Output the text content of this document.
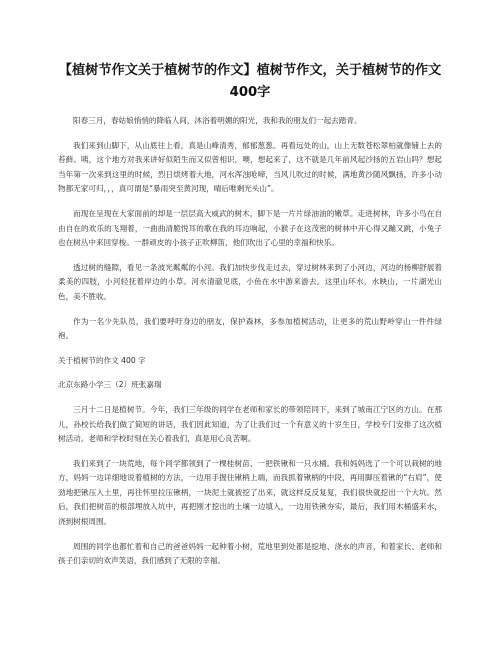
【植树节作文关于植树节的作文】植树节作文，关于植树节的作文400字

阳春三月，春姑娘悄悄的降临人间，沐浴着明媚的阳光，我和我的朋友们一起去踏青。

我们来到山脚下，从山底往上看，真是山峰清秀，郁郁葱葱。再看远处的山，山上无数苍松翠柏就像铺上去的苔藓。咦，这个地方对我来讲好似陌生而又似曾相识，噢，想起来了，这不就是几年前风起沙扬的五岩山吗？想起当年第一次来到这里的时候，烈日烘烤着大地，河水浑浊呛啼，当风儿吹过的时候，满地黄沙随风飘扬，许多小动物都无家可归，，，真可谓是“暴雨突至黄河现，晴后唯剩光头山”。

而现在呈现在大家面前的却是一层层高大威武的树木，脚下是一片片绿油油的嫩草。走进树林，许多小鸟在自由自在的欢乐的飞翔着，一曲曲清脆悦耳的歌在我的耳边响起，小猴子在这茂密的树林中开心得又蹦又跳，小兔子也在树丛中来回穿梭。一群顽皮的小孩子正吹柳笛，他们吹出了心里的幸福和快乐。

透过树的缝隙，看见一条波光粼粼的小河。我们加快步伐走过去，穿过树林来到了小河边，河边的杨柳舒展着柔美的四肢，小河轻抚着岸边的小草。河水清澈见底，小鱼在水中游来游去。这里山环水，水映山，一片湖光山色，美不胜收。

作为一名少先队员，我们要呼吁身边的朋友，保护森林，多参加植树活动，让更多的荒山野岭穿山一件件绿袍。

关于植树节的作文 400 字

北京东路小学三（2）班张嘉瑞

三月十二日是植树节。今年，我们三年级的同学在老师和家长的带领陪同下，来到了城南江宁区的方山。在那儿，孙校长给我们做了简短的讲话，我们因此知道，为了让我们过一个有意义的十岁生日，学校专门安排了这次植树活动。老师和学校时刻在关心着我们，真是用心良苦啊。

我们来到了一块荒地，每个同学都领到了一棵桂树苗、一把铁锹和一只水桶。我和妈妈选了一个可以栽树的地方，妈妈一边详细地说着植树的方法，一边用手握住锹柄上端，而我抓着锹柄的中段，再用脚压着锹的“右肩”，使劲地把锹压入土里，再往怀里拉压锹柄，一块泥土就被挖了出来，就这样反反复复，我们很快就挖出一个大坑。然后，我们把树苗的根部埋放入坑中，再把刚才挖出的土壤一边填入，一边用铁锹夯实，最后，我们用木桶盛来水，浇到树根周围。

周围的同学也都忙着和自己的爸爸妈妈一起种着小树，荒地里到处都是挖地、浇水的声音，和着家长、老师和孩子们亲切的欢声笑语，我们感到了无限的幸福。
